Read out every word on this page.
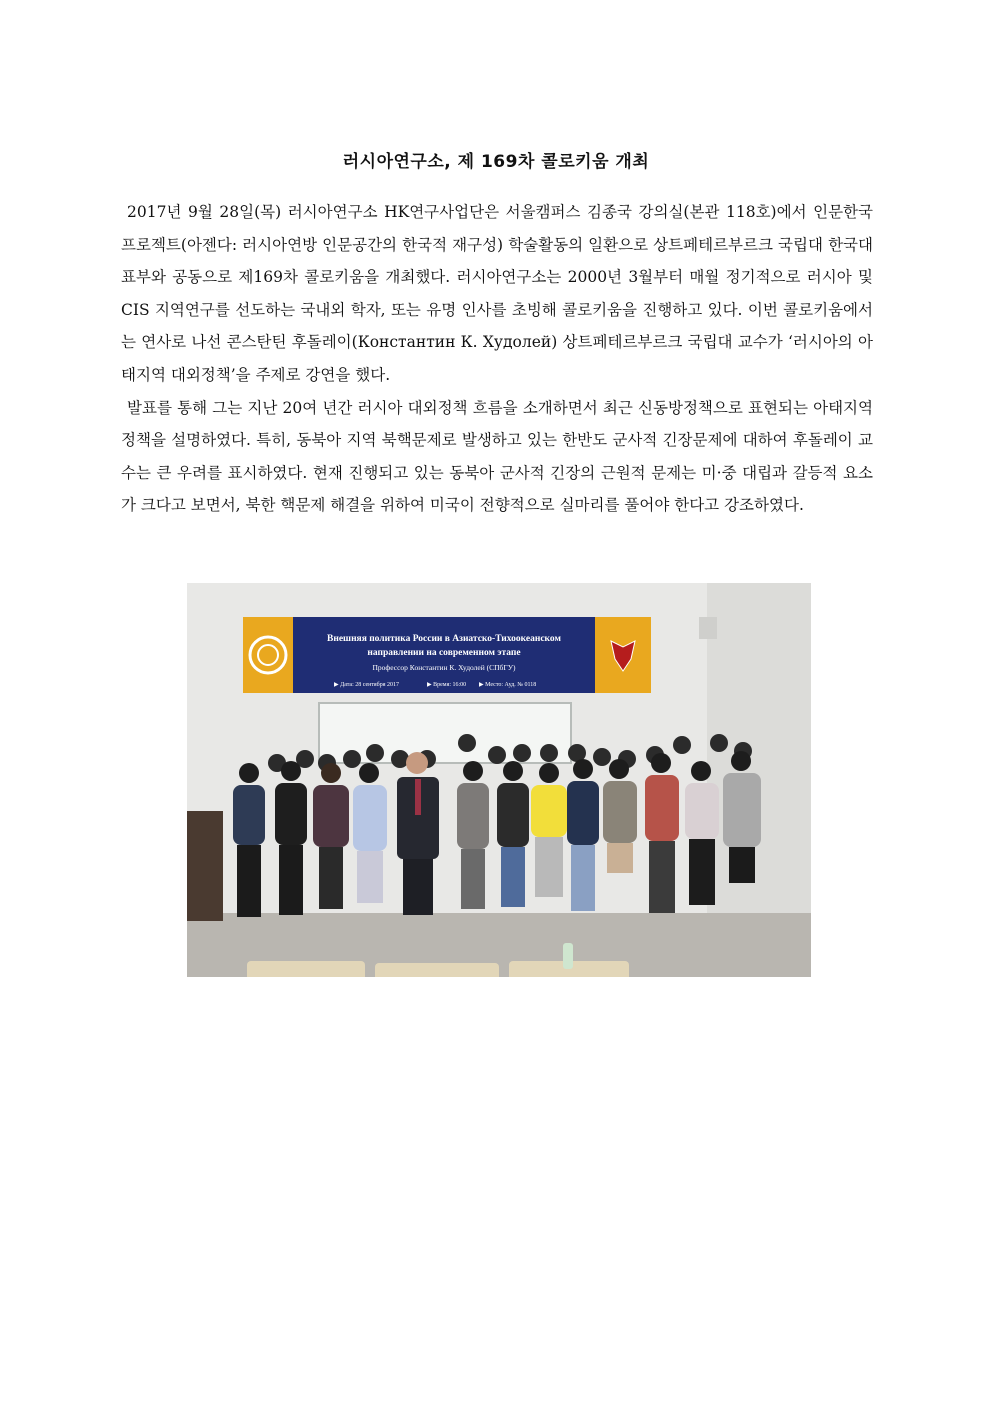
러시아연구소, 제 169차 콜로키움 개최

2017년 9월 28일(목) 러시아연구소 HK연구사업단은 서울캠퍼스 김종국 강의실(본관 118호)에서 인문한국 프로젝트(아젠다: 러시아연방 인문공간의 한국적 재구성) 학술활동의 일환으로 상트페테르부르크 국립대 한국대표부와 공동으로 제169차 콜로키움을 개최했다. 러시아연구소는 2000년 3월부터 매월 정기적으로 러시아 및 CIS 지역연구를 선도하는 국내외 학자, 또는 유명 인사를 초빙해 콜로키움을 진행하고 있다. 이번 콜로키움에서는 연사로 나선 콘스탄틴 후돌레이(Константин К. Худолей) 상트페테르부르크 국립대 교수가 ‘러시아의 아태지역 대외정책’을 주제로 강연을 했다.

발표를 통해 그는 지난 20여 년간 러시아 대외정책 흐름을 소개하면서 최근 신동방정책으로 표현되는 아태지역 정책을 설명하였다. 특히, 동북아 지역 북핵문제로 발생하고 있는 한반도 군사적 긴장문제에 대하여 후돌레이 교수는 큰 우려를 표시하였다. 현재 진행되고 있는 동북아 군사적 긴장의 근원적 문제는 미·중 대립과 갈등적 요소가 크다고 보면서, 북한 핵문제 해결을 위하여 미국이 전향적으로 실마리를 풀어야 한다고 강조하였다.

Внешняя политика России в Азиатско-Тихоокеанском
направлении на современном этапе
Профессор Константин К. Худолей (СПбГУ)
▶ Дата: 28 сентября 2017	▶ Время: 16:00 ▶ Место: Ауд. № 0118
